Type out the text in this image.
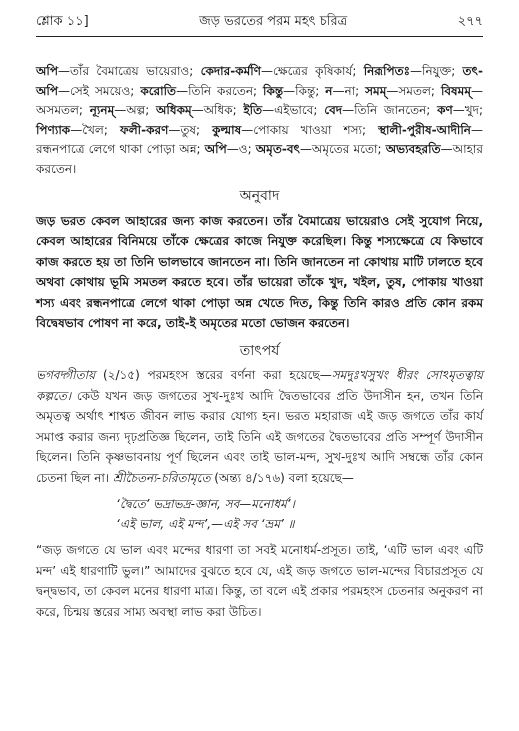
শ্লোক ১১]	জড় ভরতের পরম মহৎ চরিত্র	২৭৭

অপি—তাঁর বৈমাত্রেয় ভায়েরাও; কেদার-কর্মণি—ক্ষেত্রের কৃষিকার্য; নিরূপিতঃ—নিযুক্ত; তৎ-অপি—সেই সময়েও; করোতি—তিনি করতেন; কিন্তু—কিন্তু; ন—না; সমম্—সমতল; বিষমম্—অসমতল; ন্যূনম্—অল্প; অধিকম্—অধিক; ইতি—এইভাবে; বেদ—তিনি জানতেন; কণ—খুদ; পিণ্যাক—খৈল; ফলী-করণ—তুষ; কুল্মাষ—পোকায় খাওয়া শস্য; স্থালী-পুরীষ-আদীনি—রন্ধনপাত্রে লেগে থাকা পোড়া অন্ন; অপি—ও; অমৃত-বৎ—অমৃতের মতো; অভ্যবহরতি—আহার করতেন।

অনুবাদ

জড় ভরত কেবল আহারের জন্য কাজ করতেন। তাঁর বৈমাত্রেয় ভায়েরাও সেই সুযোগ নিয়ে, কেবল আহারের বিনিময়ে তাঁকে ক্ষেত্রের কাজে নিযুক্ত করেছিল। কিন্তু শস্যক্ষেত্রে যে কিভাবে কাজ করতে হয় তা তিনি ভালভাবে জানতেন না। তিনি জানতেন না কোথায় মাটি ঢালতে হবে অথবা কোথায় ভূমি সমতল করতে হবে। তাঁর ভায়েরা তাঁকে খুদ, খইল, তুষ, পোকায় খাওয়া শস্য এবং রন্ধনপাত্রে লেগে থাকা পোড়া অন্ন খেতে দিত, কিন্তু তিনি কারও প্রতি কোন রকম বিদ্বেষভাব পোষণ না করে, তাই-ই অমৃতের মতো ভোজন করতেন।

তাৎপর্য

ভগবদ্গীতায় (২/১৫) পরমহংস স্তরের বর্ণনা করা হয়েছে—সমদুঃখসুখং ধীরং সোঽমৃতত্বায় কল্পতে। কেউ যখন জড় জগতের সুখ-দুঃখ আদি দ্বৈতভাবের প্রতি উদাসীন হন, তখন তিনি অমৃতত্ব অর্থাৎ শাশ্বত জীবন লাভ করার যোগ্য হন। ভরত মহারাজ এই জড় জগতে তাঁর কার্য সমাপ্ত করার জন্য দৃঢ়প্রতিজ্ঞ ছিলেন, তাই তিনি এই জগতের দ্বৈতভাবের প্রতি সম্পূর্ণ উদাসীন ছিলেন। তিনি কৃষ্ণভাবনায় পূর্ণ ছিলেন এবং তাই ভাল-মন্দ, সুখ-দুঃখ আদি সম্বন্ধে তাঁর কোন চেতনা ছিল না। শ্রীচৈতন্য-চরিতামৃতে (অন্ত্য ৪/১৭৬) বলা হয়েছে—

‘দ্বৈতে’ ভদ্রাভদ্র-জ্ঞান, সব—মনোধর্ম’।
‘এই ভাল, এই মন্দ’,—এই সব ‘ভ্রম’ ॥

“জড় জগতে যে ভাল এবং মন্দের ধারণা তা সবই মনোধর্ম-প্রসূত। তাই, ‘এটি ভাল এবং এটি মন্দ’ এই ধারণাটি ভুল।” আমাদের বুঝতে হবে যে, এই জড় জগতে ভাল-মন্দের বিচারপ্রসূত যে দ্বন্দ্বভাব, তা কেবল মনের ধারণা মাত্র। কিন্তু, তা বলে এই প্রকার পরমহংস চেতনার অনুকরণ না করে, চিন্ময় স্তরের সাম্য অবস্থা লাভ করা উচিত।
